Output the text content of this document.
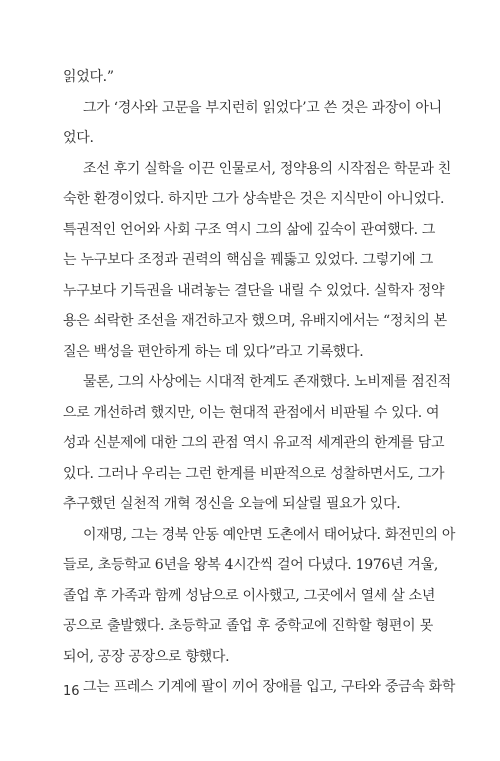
읽었다.”
그가 ‘경사와 고문을 부지런히 읽었다’고 쓴 것은 과장이 아니
었다.
조선 후기 실학을 이끈 인물로서, 정약용의 시작점은 학문과 친
숙한 환경이었다. 하지만 그가 상속받은 것은 지식만이 아니었다.
특권적인 언어와 사회 구조 역시 그의 삶에 깊숙이 관여했다. 그
는 누구보다 조정과 권력의 핵심을 꿰뚫고 있었다. 그렇기에 그
누구보다 기득권을 내려놓는 결단을 내릴 수 있었다. 실학자 정약
용은 쇠락한 조선을 재건하고자 했으며, 유배지에서는 “정치의 본
질은 백성을 편안하게 하는 데 있다”라고 기록했다.
물론, 그의 사상에는 시대적 한계도 존재했다. 노비제를 점진적
으로 개선하려 했지만, 이는 현대적 관점에서 비판될 수 있다. 여
성과 신분제에 대한 그의 관점 역시 유교적 세계관의 한계를 담고
있다. 그러나 우리는 그런 한계를 비판적으로 성찰하면서도, 그가
추구했던 실천적 개혁 정신을 오늘에 되살릴 필요가 있다.
이재명, 그는 경북 안동 예안면 도촌에서 태어났다. 화전민의 아
들로, 초등학교 6년을 왕복 4시간씩 걸어 다녔다. 1976년 겨울,
졸업 후 가족과 함께 성남으로 이사했고, 그곳에서 열세 살 소년
공으로 출발했다. 초등학교 졸업 후 중학교에 진학할 형편이 못
되어, 공장 공장으로 향했다.
그는 프레스 기계에 팔이 끼어 장애를 입고, 구타와 중금속 화학
16
